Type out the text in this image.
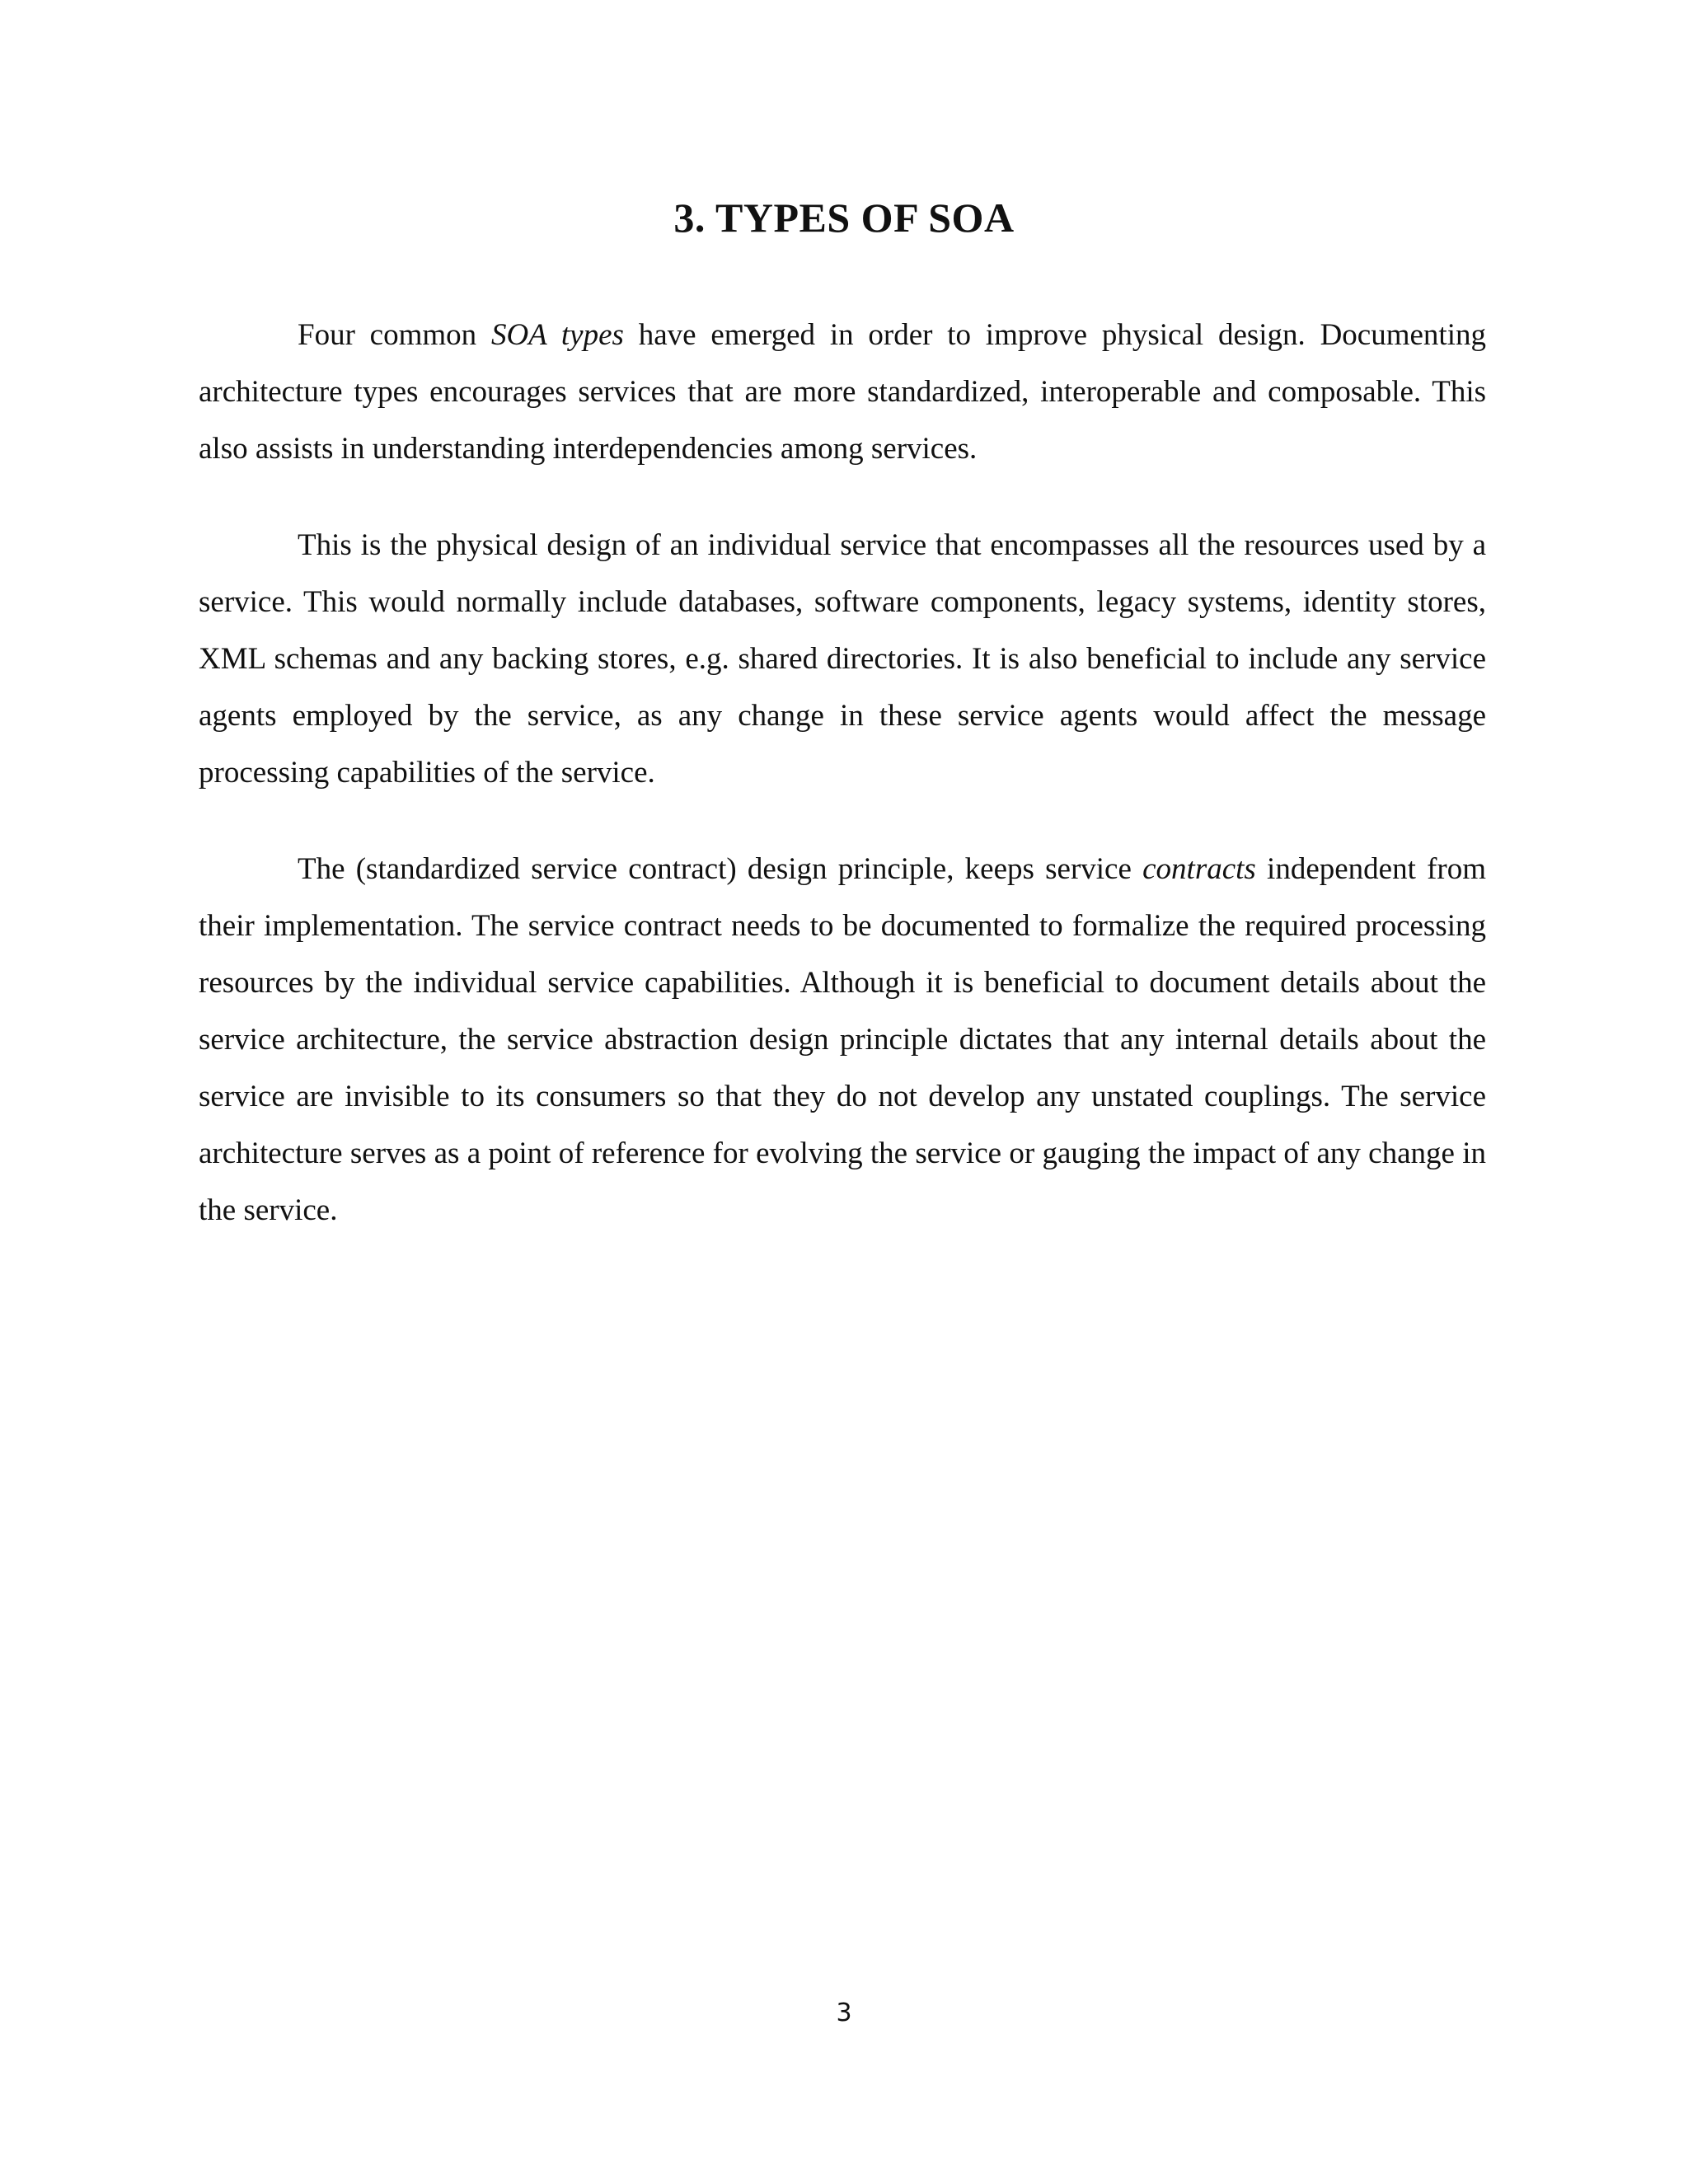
3. TYPES OF SOA

Four common SOA types have emerged in order to improve physical design. Documenting architecture types encourages services that are more standardized, interoperable and composable. This also assists in understanding interdependencies among services.

This is the physical design of an individual service that encompasses all the resources used by a service. This would normally include databases, software components, legacy systems, identity stores, XML schemas and any backing stores, e.g. shared directories. It is also beneficial to include any service agents employed by the service, as any change in these service agents would affect the message processing capabilities of the service.

The (standardized service contract) design principle, keeps service contracts independent from their implementation. The service contract needs to be documented to formalize the required processing resources by the individual service capabilities. Although it is beneficial to document details about the service architecture, the service abstraction design principle dictates that any internal details about the service are invisible to its consumers so that they do not develop any unstated couplings. The service architecture serves as a point of reference for evolving the service or gauging the impact of any change in the service.

3
